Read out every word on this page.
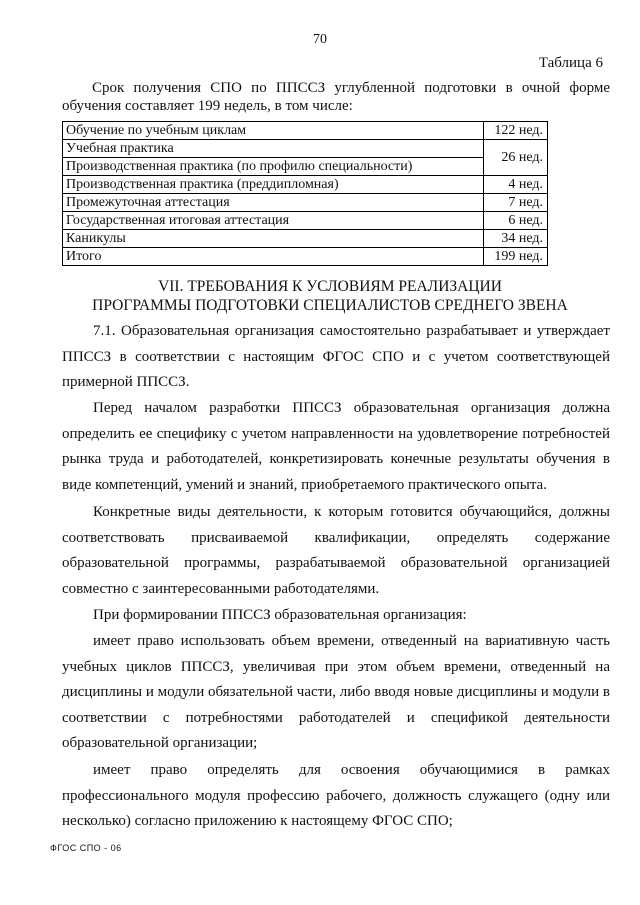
70
Таблица 6
Срок получения СПО по ППССЗ углубленной подготовки в очной форме обучения составляет 199 недель, в том числе:
Обучение по учебным циклам	122 нед.
Учебная практика	26 нед.
Производственная практика (по профилю специальности)	
Производственная практика (преддипломная)	4 нед.
Промежуточная аттестация	7 нед.
Государственная итоговая аттестация	6 нед.
Каникулы	34 нед.
Итого	199 нед.
VII. ТРЕБОВАНИЯ К УСЛОВИЯМ РЕАЛИЗАЦИИ
ПРОГРАММЫ ПОДГОТОВКИ СПЕЦИАЛИСТОВ СРЕДНЕГО ЗВЕНА

7.1. Образовательная организация самостоятельно разрабатывает и утверждает ППССЗ в соответствии с настоящим ФГОС СПО и с учетом соответствующей примерной ППССЗ.

Перед началом разработки ППССЗ образовательная организация должна определить ее специфику с учетом направленности на удовлетворение потребностей рынка труда и работодателей, конкретизировать конечные результаты обучения в виде компетенций, умений и знаний, приобретаемого практического опыта.

Конкретные виды деятельности, к которым готовится обучающийся, должны соответствовать присваиваемой квалификации, определять содержание образовательной программы, разрабатываемой образовательной организацией совместно с заинтересованными работодателями.

При формировании ППССЗ образовательная организация:

имеет право использовать объем времени, отведенный на вариативную часть учебных циклов ППССЗ, увеличивая при этом объем времени, отведенный на дисциплины и модули обязательной части, либо вводя новые дисциплины и модули в соответствии с потребностями работодателей и спецификой деятельности образовательной организации;

имеет право определять для освоения обучающимися в рамках профессионального модуля профессию рабочего, должность служащего (одну или несколько) согласно приложению к настоящему ФГОС СПО;

ФГОС СПО - 06
